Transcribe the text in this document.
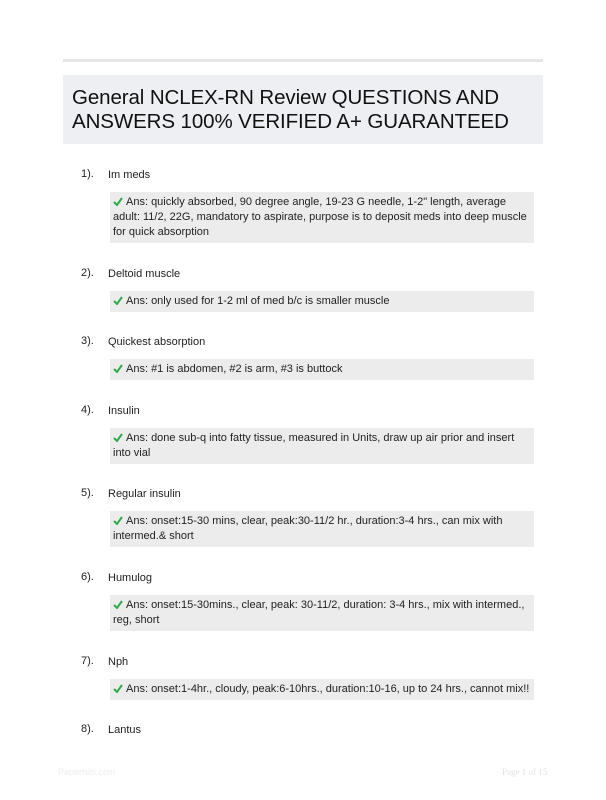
General NCLEX-RN Review QUESTIONS AND ANSWERS 100% VERIFIED A+ GUARANTEED
1). Im meds
Ans: quickly absorbed, 90 degree angle, 19-23 G needle, 1-2" length, average adult: 11/2, 22G, mandatory to aspirate, purpose is to deposit meds into deep muscle for quick absorption
2). Deltoid muscle
Ans: only used for 1-2 ml of med b/c is smaller muscle
3). Quickest absorption
Ans: #1 is abdomen, #2 is arm, #3 is buttock
4). Insulin
Ans: done sub-q into fatty tissue, measured in Units, draw up air prior and insert into vial
5). Regular insulin
Ans: onset:15-30 mins, clear, peak:30-11/2 hr., duration:3-4 hrs., can mix with intermed.& short
6). Humulog
Ans: onset:15-30mins., clear, peak: 30-11/2, duration: 3-4 hrs., mix with intermed., reg, short
7). Nph
Ans: onset:1-4hr., cloudy, peak:6-10hrs., duration:10-16, up to 24 hrs., cannot mix!!
8). Lantus
Paperhibi.com	Page 1 of 15
